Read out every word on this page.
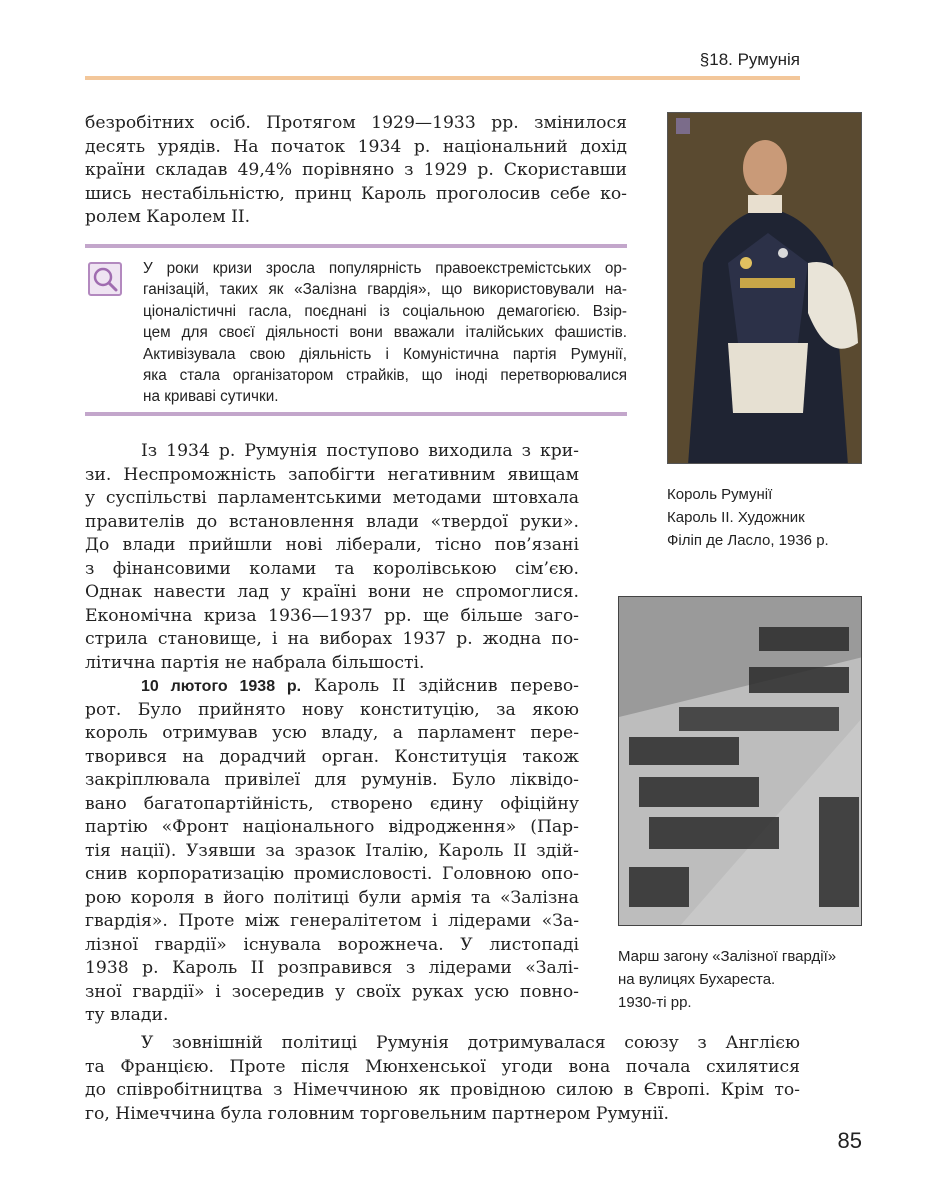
§18. Румунія
безробітних осіб. Протягом 1929—1933 рр. змінилося
десять урядів. На початок 1934 р. національний дохід
країни складав 49,4% порівняно з 1929 р. Скориставши
шись нестабільністю, принц Кароль проголосив себе ко-
ролем Каролем II.
У роки кризи зросла популярність правоекстремістських ор-
ганізацій, таких як «Залізна гвардія», що використовували на-
ціоналістичні гасла, поєднані із соціальною демагогією. Взір-
цем для своєї діяльності вони вважали італійських фашистів.
Активізувала свою діяльність і Комуністична партія Румунії,
яка стала організатором страйків, що іноді перетворювалися
на криваві сутички.
Із 1934 р. Румунія поступово виходила з кри-
зи. Неспроможність запобігти негативним явищам
у суспільстві парламентськими методами штовхала
правителів до встановлення влади «твердої руки».
До влади прийшли нові ліберали, тісно пов’язані
з фінансовими колами та королівською сім’єю.
Однак навести лад у країні вони не спромоглися.
Економічна криза 1936—1937 рр. ще більше заго-
стрила становище, і на виборах 1937 р. жодна по-
літична партія не набрала більшості.
10 лютого 1938 р. Кароль II здійснив перево-
рот. Було прийнято нову конституцію, за якою
король отримував усю владу, а парламент пере-
творився на дорадчий орган. Конституція також
закріплювала привілеї для румунів. Було ліквідо-
вано багатопартійність, створено єдину офіційну
партію «Фронт національного відродження» (Пар-
тія нації). Узявши за зразок Італію, Кароль II здій-
снив корпоратизацію промисловості. Головною опо-
рою короля в його політиці були армія та «Залізна
гвардія». Проте між генералітетом і лідерами «За-
лізної гвардії» існувала ворожнеча. У листопаді
1938 р. Кароль II розправився з лідерами «Залі-
зної гвардії» і зосередив у своїх руках усю повно-
ту влади.
У зовнішній політиці Румунія дотримувалася союзу з Англією
та Францією. Проте після Мюнхенської угоди вона почала схилятися
до співробітництва з Німеччиною як провідною силою в Європі. Крім то-
го, Німеччина була головним торговельним партнером Румунії.

Король Румунії
Кароль II. Художник
Філіп де Ласло, 1936 р.

Марш загону «Залізної гвардії»
на вулицях Бухареста.
1930-ті рр.

85
